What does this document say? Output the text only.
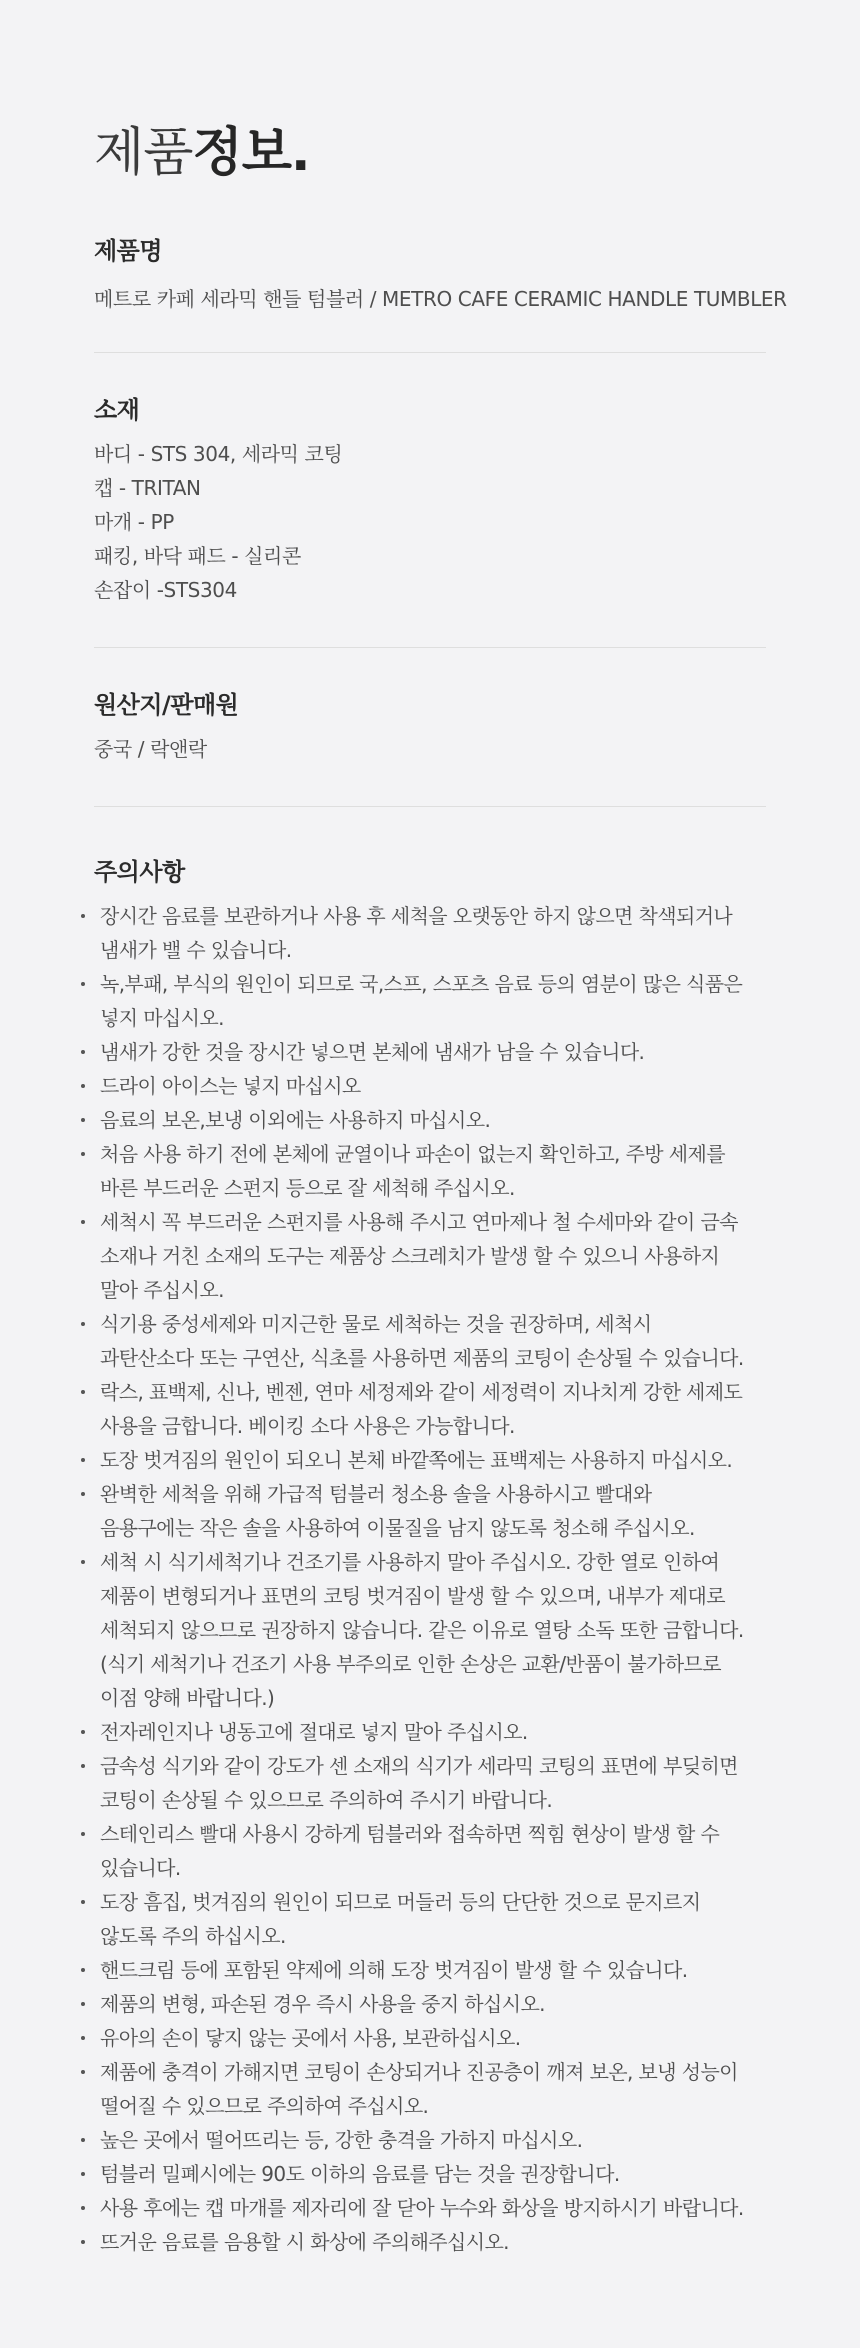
제품정보.
제품명
메트로 카페 세라믹 핸들 텀블러 / METRO CAFE CERAMIC HANDLE TUMBLER
소재
바디 - STS 304, 세라믹 코팅
캡 - TRITAN
마개 - PP
패킹, 바닥 패드 - 실리콘
손잡이 -STS304
원산지/판매원
중국 / 락앤락
주의사항
장시간 음료를 보관하거나 사용 후 세척을 오랫동안 하지 않으면 착색되거나
냄새가 밸 수 있습니다.
녹,부패, 부식의 원인이 되므로 국,스프, 스포츠 음료 등의 염분이 많은 식품은
넣지 마십시오.
냄새가 강한 것을 장시간 넣으면 본체에 냄새가 남을 수 있습니다.
드라이 아이스는 넣지 마십시오
음료의 보온,보냉 이외에는 사용하지 마십시오.
처음 사용 하기 전에 본체에 균열이나 파손이 없는지 확인하고, 주방 세제를
바른 부드러운 스펀지 등으로 잘 세척해 주십시오.
세척시 꼭 부드러운 스펀지를 사용해 주시고 연마제나 철 수세마와 같이 금속
소재나 거친 소재의 도구는 제품상 스크레치가 발생 할 수 있으니 사용하지
말아 주십시오.
식기용 중성세제와 미지근한 물로 세척하는 것을 권장하며, 세척시
과탄산소다 또는 구연산, 식초를 사용하면 제품의 코팅이 손상될 수 있습니다.
락스, 표백제, 신나, 벤젠, 연마 세정제와 같이 세정력이 지나치게 강한 세제도
사용을 금합니다. 베이킹 소다 사용은 가능합니다.
도장 벗겨짐의 원인이 되오니 본체 바깥쪽에는 표백제는 사용하지 마십시오.
완벽한 세척을 위해 가급적 텀블러 청소용 솔을 사용하시고 빨대와
음용구에는 작은 솔을 사용하여 이물질을 남지 않도록 청소해 주십시오.
세척 시 식기세척기나 건조기를 사용하지 말아 주십시오. 강한 열로 인하여
제품이 변형되거나 표면의 코팅 벗겨짐이 발생 할 수 있으며, 내부가 제대로
세척되지 않으므로 권장하지 않습니다. 같은 이유로 열탕 소독 또한 금합니다.
(식기 세척기나 건조기 사용 부주의로 인한 손상은 교환/반품이 불가하므로
이점 양해 바랍니다.)
전자레인지나 냉동고에 절대로 넣지 말아 주십시오.
금속성 식기와 같이 강도가 센 소재의 식기가 세라믹 코팅의 표면에 부딪히면
코팅이 손상될 수 있으므로 주의하여 주시기 바랍니다.
스테인리스 빨대 사용시 강하게 텀블러와 접속하면 찍힘 현상이 발생 할 수
있습니다.
도장 흠집, 벗겨짐의 원인이 되므로 머들러 등의 단단한 것으로 문지르지
않도록 주의 하십시오.
핸드크림 등에 포함된 약제에 의해 도장 벗겨짐이 발생 할 수 있습니다.
제품의 변형, 파손된 경우 즉시 사용을 중지 하십시오.
유아의 손이 닿지 않는 곳에서 사용, 보관하십시오.
제품에 충격이 가해지면 코팅이 손상되거나 진공층이 깨져 보온, 보냉 성능이
떨어질 수 있으므로 주의하여 주십시오.
높은 곳에서 떨어뜨리는 등, 강한 충격을 가하지 마십시오.
텀블러 밀폐시에는 90도 이하의 음료를 담는 것을 권장합니다.
사용 후에는 캡 마개를 제자리에 잘 닫아 누수와 화상을 방지하시기 바랍니다.
뜨거운 음료를 음용할 시 화상에 주의해주십시오.
